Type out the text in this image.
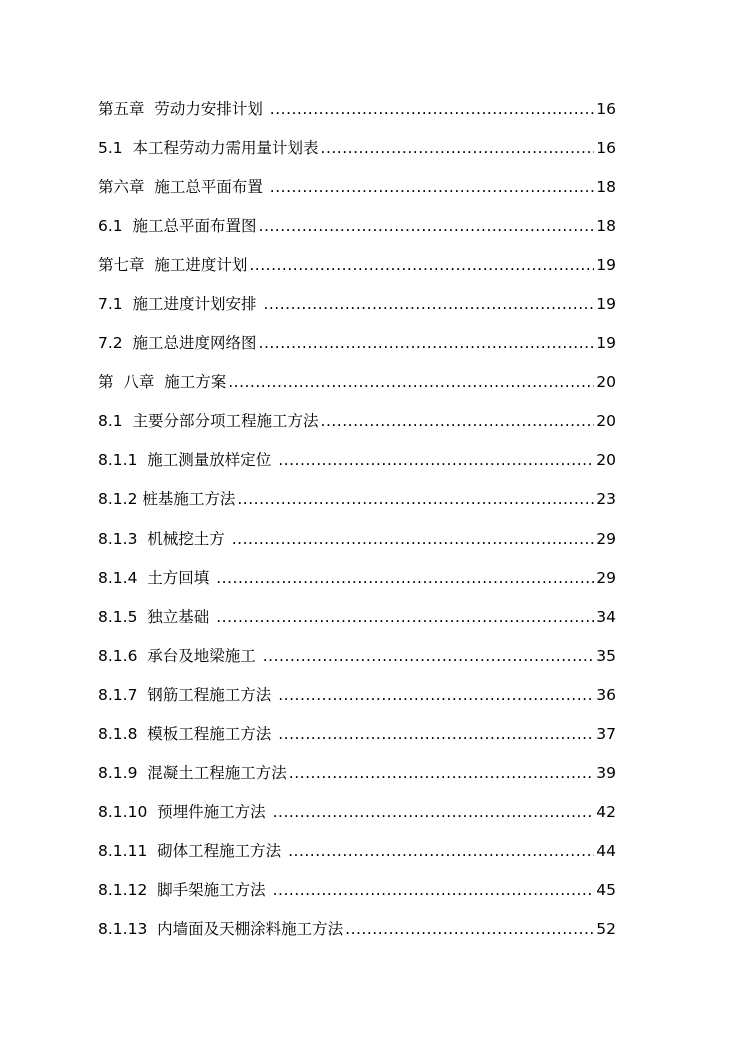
第五章  劳动力安排计划 .....	16
5.1  本工程劳动力需用量计划表 .....	16
第六章  施工总平面布置 .....	18
6.1  施工总平面布置图 .....	18
第七章  施工进度计划 .....	19
7.1  施工进度计划安排 .....	19
7.2  施工总进度网络图 .....	19
第  八章  施工方案 .....	20
8.1  主要分部分项工程施工方法 .....	20
8.1.1  施工测量放样定位 .....	20
8.1.2 桩基施工方法 .....	23
8.1.3  机械挖土方 .....	29
8.1.4  土方回填 .....	29
8.1.5  独立基础 .....	34
8.1.6  承台及地梁施工 .....	35
8.1.7  钢筋工程施工方法 .....	36
8.1.8  模板工程施工方法 .....	37
8.1.9  混凝土工程施工方法 .....	39
8.1.10  预埋件施工方法 .....	42
8.1.11  砌体工程施工方法 .....	44
8.1.12  脚手架施工方法 .....	45
8.1.13  内墙面及天棚涂料施工方法 .....	52
